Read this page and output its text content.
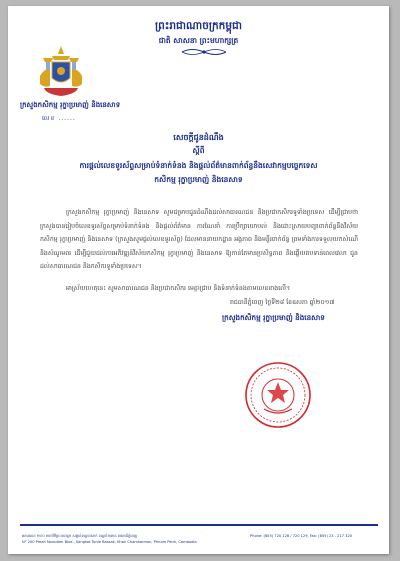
ព្រះរាជាណាចក្រកម្ពុជា
ជាតិ សាសនា ព្រះមហាក្សត្រ
ក្រសួងកសិកម្ម រុក្ខាប្រមាញ់ និងនេសាទ
លេខ ......
សេចក្តីជូនដំណឹង
ស្តីពី
ការផ្តល់លេខទូរស័ព្ទសម្រាប់ទំនាក់ទំនង និងផ្តល់ព័ត៌មានពាក់ព័ន្ធនឹងសេវាកម្មបច្ចេកទេស
កសិកម្ម រុក្ខាប្រមាញ់ និងនេសាទ
ក្រសួងកសិកម្ម រុក្ខាប្រមាញ់ និងនេសាទ សូមជម្រាបជូនដំណឹងដល់សាធារណជន និងប្រជាកសិករទូទាំងប្រទេស ដើម្បីជ្រាបថា ក្រសួងបានរៀបចំលេខទូរស័ព្ទសម្រាប់ទំនាក់ទំនង និងផ្តល់ព័ត៌មាន ការណែនាំ ការប្រឹក្សាយោបល់ និងដោះស្រាយបញ្ហាពាក់ព័ន្ធនឹងវិស័យកសិកម្ម រុក្ខាប្រមាញ់ និងនេសាទ (ក្រសួងសូមផ្តល់លេខទូរស័ព្ទ) ដែលមាននាយកដ្ឋាន អង្គភាព និងមន្ទីរពាក់ព័ន្ធ ព្រមទាំងការទទួលយកសំណើ និងសំណូមពរ ដើម្បីជួយដល់ការអភិវឌ្ឍន៍វិស័យកសិកម្ម រុក្ខាប្រមាញ់ និងនេសាទ ឱ្យកាន់តែមានប្រសិទ្ធភាព និងឆ្លើយតបទាន់ពេលវេលា ជូនដល់សាធារណជន និងកសិករទូទាំងប្រទេស។
អាស្រ័យហេតុនេះ សូមសាធារណជន និងប្រជាកសិករ មេត្តាជ្រាប និងទំនាក់ទំនងតាមលេខខាងលើ។
រាជធានីភ្នំពេញ ថ្ងៃទី២៨ ខែឧសភា ឆ្នាំ២០១៧
ក្រសួងកសិកម្ម រុក្ខាប្រមាញ់ និងនេសាទ
អគារលេខ ២០០ មហាវិថីព្រះនរោត្តម សង្កាត់ទន្លេបាសាក់ ខណ្ឌចំការមន រាជធានីភ្នំពេញ
N° 200 Preah Norodom Blvd., Sangkat Tonle Bassak, Khan Chamkarmon, Phnom Penh, Cambodia
Phone: (855) 720 128 / 720 129, Fax: (855) 23 - 217 320
